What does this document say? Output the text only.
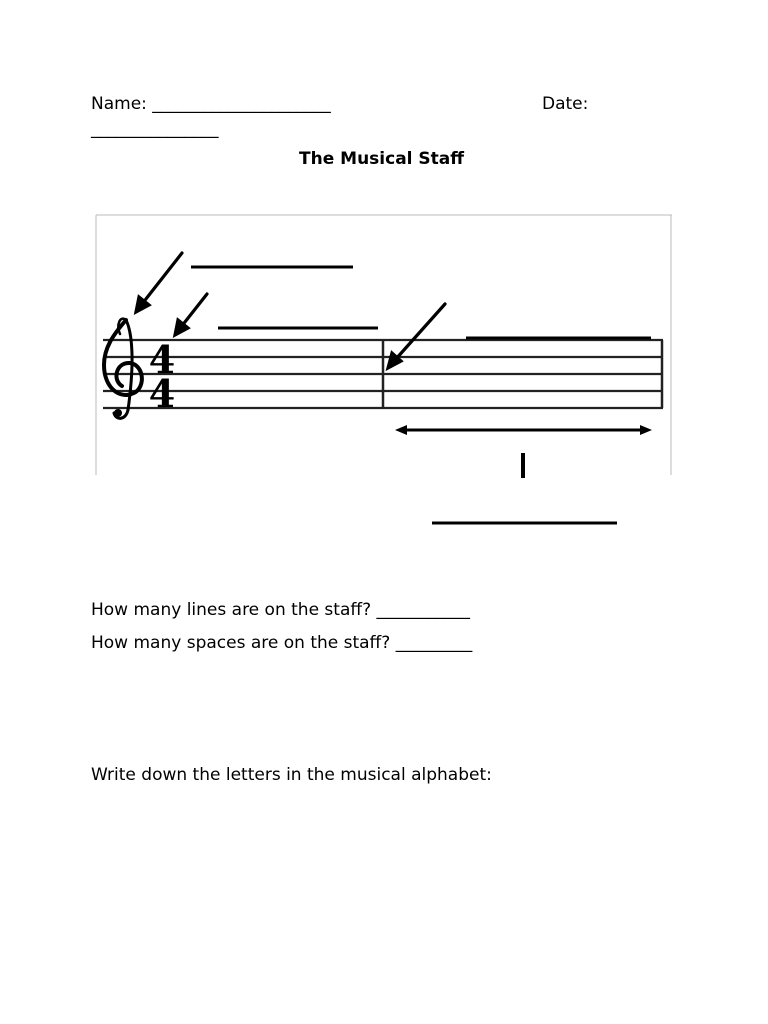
Name: _____________________	Date:
_______________
The Musical Staff
4
4
How many lines are on the staff? ___________
How many spaces are on the staff? _________
Write down the letters in the musical alphabet:
